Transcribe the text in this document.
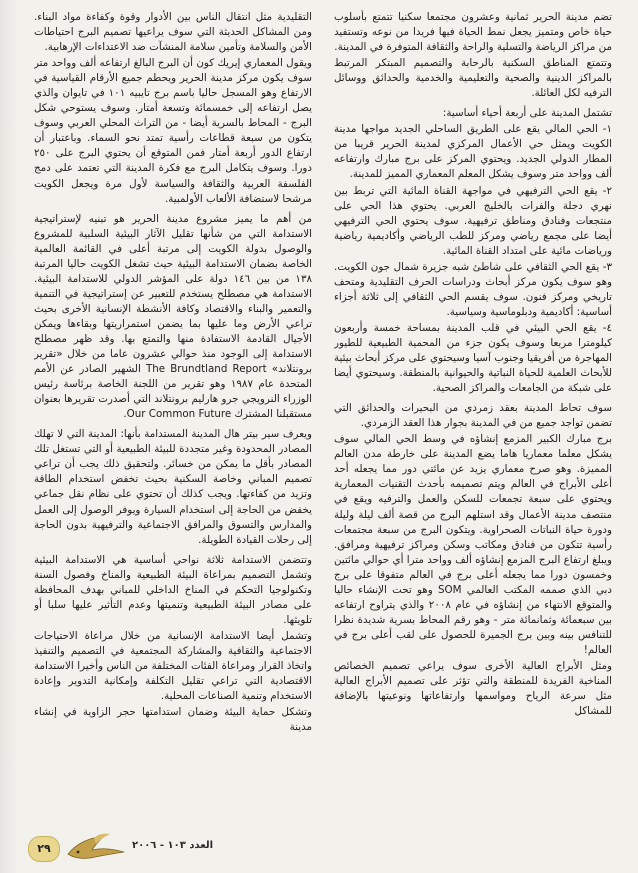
تضم مدينة الحرير ثمانية وعشرون مجتمعا سكنيا تتمتع بأسلوب حياة خاص ومتميز يجعل نمط الحياة فيها فريدا من نوعه وتستفيد من مراكز الرياضة والتسلية والراحة والثقافة المتوفرة في المدينة.

وتتمتع المناطق السكنية بالرحابة والتصميم المبتكر المرتبط بالمراكز الدينية والصحية والتعليمية والخدمية والحدائق ووسائل الترفيه لكل العائلة.

تشتمل المدينة على أربعة أحياء أساسية:

١- الحي المالي يقع على الطريق الساحلي الجديد مواجها مدينة الكويت ويمثل حي الأعمال المركزي لمدينة الحرير قريبا من المطار الدولي الجديد. ويحتوي المركز على برج مبارك وارتفاعه ألف وواحد متر وسوف يشكل المعلم المعماري المميز للمدينة.

٢- يقع الحي الترفيهي في مواجهة القناة المائية التي تربط بين نهري دجلة والفرات بالخليج العربي. يحتوي هذا الحي على منتجعات وفنادق ومناطق ترفيهية. سوف يحتوي الحي الترفيهي أيضا على مجمع رياضي ومركز للطب الرياضي وأكاديمية رياضية ورياضات مائية على امتداد القناة المائية.

٣- يقع الحي الثقافي على شاطئ شبه جزيرة شمال جون الكويت. وهو سوف يكون مركز أبحاث ودراسات الحرف التقليدية ومتحف تاريخي ومركز فنون. سوف يقسم الحي الثقافي إلى ثلاثة أجزاء أساسية: أكاديمية ودبلوماسية وسياسية.

٤- يقع الحي البيئي في قلب المدينة بمساحة خمسة وأربعون كيلومترا مربعا وسوف يكون جزء من المحمية الطبيعية للطيور المهاجرة من أفريقيا وجنوب آسيا وسيحتوي على مركز أبحاث بيئية للأبحاث العلمية للحياة النباتية والحيوانية بالمنطقة. وسيحتوي أيضا على شبكة من الجامعات والمراكز الصحية.

سوف تحاط المدينة بعقد زمردي من البحيرات والحدائق التي تضمن تواجد جميع من في المدينة بجوار هذا العقد الزمردي.

برج مبارك الكبير المزمع إنشاؤه في وسط الحي المالي سوف يشكل معلما معماريا هاما يضع المدينة على خارطة مدن العالم المميزة. وهو صرح معماري يزيد عن مائتي دور مما يجعله أحد أعلى الأبراج في العالم ويتم تصميمه بأحدث التقنيات المعمارية ويحتوي على سبعة تجمعات للسكن والعمل والترفيه ويقع في منتصف مدينة الأعمال وقد استلهم البرج من قصة ألف ليلة وليلة ودورة حياة النباتات الصحراوية. ويتكون البرج من سبعة مجتمعات رأسية تتكون من فنادق ومكاتب وسكن ومراكز ترفيهية ومرافق. ويبلغ ارتفاع البرج المزمع إنشاؤه ألف وواحد مترا أي حوالي مائتين وخمسون دورا مما يجعله أعلى برج في العالم متفوقا على برج دبي الذي صممه المكتب العالمي SOM وهو تحت الإنشاء حاليا والمتوقع الانتهاء من إنشاؤه في عام ٢٠٠٨ والذي يتراوح ارتفاعه بين سبعمائة وثمانمائة متر - وهو رقم المحاط بسرية شديدة نظرا للتنافس بينه وبين برج الجميرة للحصول على لقب أعلى برج في العالم!

ومثل الأبراج العالية الأخرى سوف يراعي تصميم الخصائص المناخية الفريدة للمنطقة والتي تؤثر على تصميم الأبراج العالية مثل سرعة الرياح ومواسمها وارتفاعاتها ونوعيتها بالإضافة للمشاكل

التقليدية مثل انتقال الناس بين الأدوار وقوة وكفاءة مواد البناء. ومن المشاكل الحديثة التي سوف يراعيها تصميم البرج احتياطات الأمن والسلامة وتأمين سلامة المنشآت ضد الاعتداءات الإرهابية.

ويقول المعماري إيريك كون أن البرج البالغ ارتفاعه ألف وواحد متر سوف يكون مركز مدينة الحرير ويحطم جميع الأرقام القياسية في الارتفاع وهو المسجل حاليا باسم برج تايبيه ١٠١ في تايوان والذي يصل ارتفاعه إلى خمسمائة وتسعة أمتار. وسوف يستوحي شكل البرج - المحاط بالسرية أيضا - من التراث المحلي العربي وسوف يتكون من سبعة قطاعات رأسية تمتد نحو السماء. وباعتبار أن ارتفاع الدور أربعة أمتار فمن المتوقع أن يحتوي البرج على ٢٥٠ دورا. وسوف يتكامل البرج مع فكرة المدينة التي تعتمد على دمج الفلسفة العربية والثقافة والسياسة لأول مرة ويجعل الكويت مرشحا لاستضافة الألعاب الأولمبية.

من أهم ما يميز مشروع مدينة الحرير هو تبنيه لإستراتيجية الاستدامة التي من شأنها تقليل الآثار البيئية السلبية للمشروع والوصول بدولة الكويت إلى مرتبة أعلى في القائمة العالمية الخاصة بضمان الاستدامة البيئية حيث تشغل الكويت حاليا المرتبة ١٣٨ من بين ١٤٦ دولة على المؤشر الدولي للاستدامة البيئية. الاستدامة هي مصطلح يستخدم للتعبير عن إستراتيجية في التنمية والتعمير والبناء والاقتصاد وكافة الأنشطة الإنسانية الأخرى بحيث تراعي الأرض وما عليها بما يضمن استمراريتها وبقاءها ويمكن الأجيال القادمة الاستفادة منها والتمتع بها. وقد ظهر مصطلح الاستدامة إلى الوجود منذ حوالي عشرون عاما من خلال «تقرير برونتلاند» The Brundtland Report الشهير الصادر عن الأمم المتحدة عام ١٩٨٧ وهو تقرير من اللجنة الخاصة برئاسة رئيس الوزراء النرويجي جرو هارليم برونتلاند التي أصدرت تقريرها بعنوان مستقبلنا المشترك Our Common Future.

ويعرف سير بيتر هال المدينة المستدامة بأنها: المدينة التي لا تهلك المصادر المحدودة وغير متجددة للبيئة الطبيعية أو التي تستغل تلك المصادر بأقل ما يمكن من خسائر. ولتحقيق ذلك يجب أن تراعي تصميم المباني وخاصة السكنية بحيث تخفض استخدام الطاقة وتزيد من كفاءتها. ويجب كذلك أن تحتوي على نظام نقل جماعي يخفض من الحاجة إلى استخدام السيارة ويوفر الوصول إلى العمل والمدارس والتسوق والمرافق الاجتماعية والترفيهية بدون الحاجة إلى رحلات القيادة الطويلة.

وتتضمن الاستدامة ثلاثة نواحي أساسية هي الاستدامة البيئية وتشمل التصميم بمراعاة البيئة الطبيعية والمناخ وفصول السنة وتكنولوجيا التحكم في المناخ الداخلي للمباني بهدف المحافظة على مصادر البيئة الطبيعية وتنميتها وعدم التأثير عليها سلبا أو تلويثها.

وتشمل أيضا الاستدامة الإنسانية من خلال مراعاة الاحتياجات الاجتماعية والثقافية والمشاركة المجتمعية في التصميم والتنفيذ واتخاذ القرار ومراعاة الفئات المختلفة من الناس وأخيرا الاستدامة الاقتصادية التي تراعي تقليل التكلفة وإمكانية التدوير وإعادة الاستخدام وتنمية الصناعات المحلية.

وتشكل حماية البيئة وضمان استدامتها حجر الزاوية في إنشاء مدينة

٢٩	العدد ١٠٣ - ٢٠٠٦
